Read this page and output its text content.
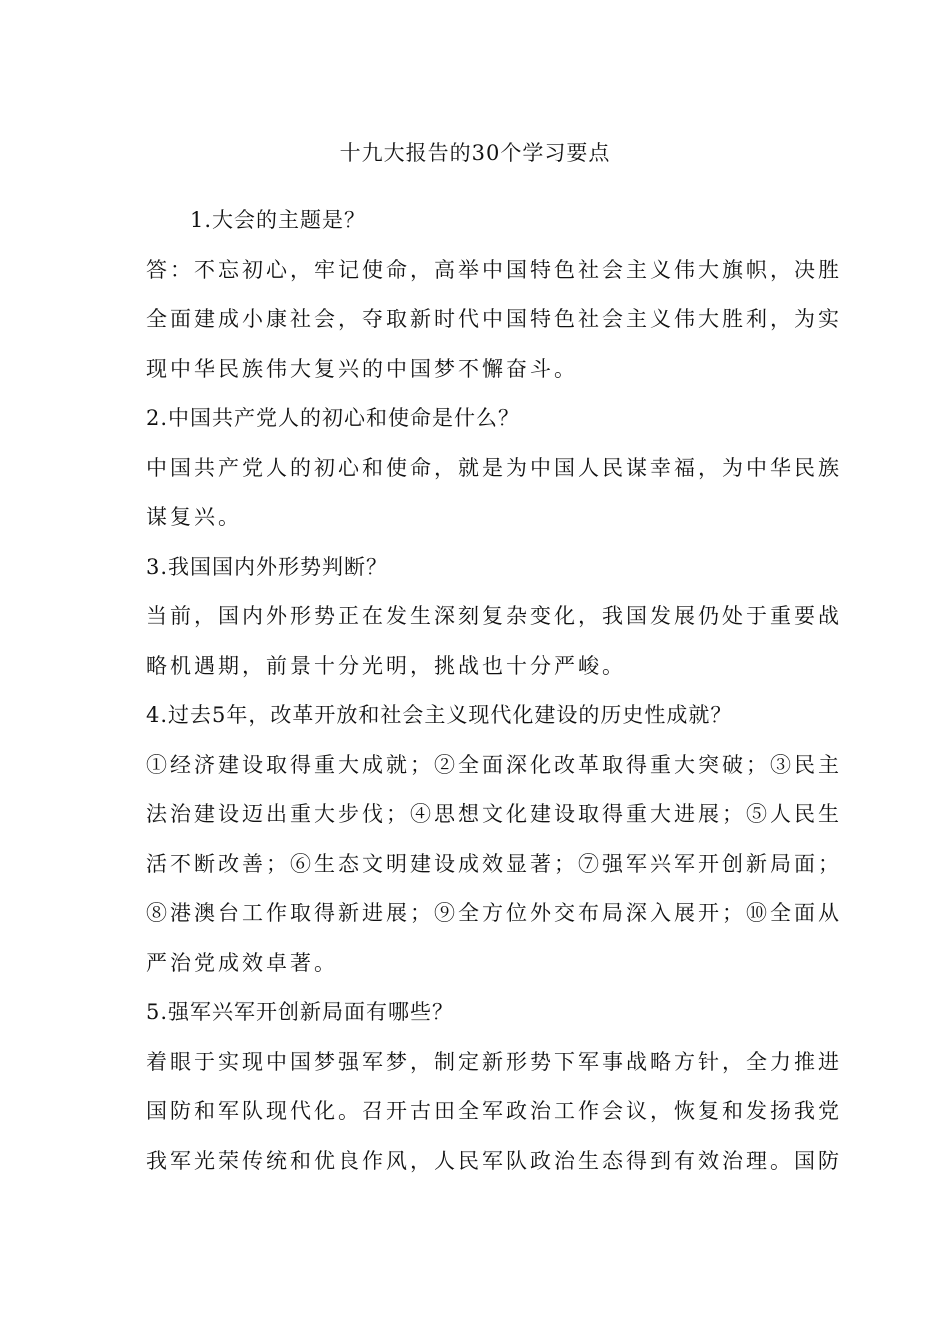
十九大报告的30个学习要点
1.大会的主题是？
答：不忘初心，牢记使命，高举中国特色社会主义伟大旗帜，决胜
全面建成小康社会，夺取新时代中国特色社会主义伟大胜利，为实
现中华民族伟大复兴的中国梦不懈奋斗。
2.中国共产党人的初心和使命是什么？
中国共产党人的初心和使命，就是为中国人民谋幸福，为中华民族
谋复兴。
3.我国国内外形势判断？
当前，国内外形势正在发生深刻复杂变化，我国发展仍处于重要战
略机遇期，前景十分光明，挑战也十分严峻。
4.过去5年，改革开放和社会主义现代化建设的历史性成就？
①经济建设取得重大成就；②全面深化改革取得重大突破；③民主
法治建设迈出重大步伐；④思想文化建设取得重大进展；⑤人民生
活不断改善；⑥生态文明建设成效显著；⑦强军兴军开创新局面；
⑧港澳台工作取得新进展；⑨全方位外交布局深入展开；⑩全面从
严治党成效卓著。
5.强军兴军开创新局面有哪些？
着眼于实现中国梦强军梦，制定新形势下军事战略方针，全力推进
国防和军队现代化。召开古田全军政治工作会议，恢复和发扬我党
我军光荣传统和优良作风，人民军队政治生态得到有效治理。国防
